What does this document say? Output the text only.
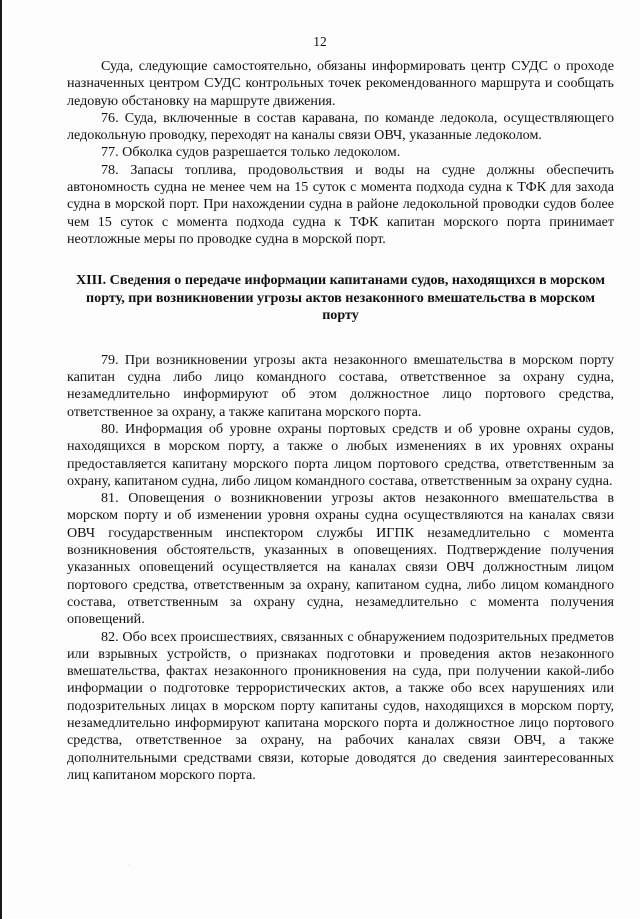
12

Суда, следующие самостоятельно, обязаны информировать центр СУДС о проходе назначенных центром СУДС контрольных точек рекомендованного маршрута и сообщать ледовую обстановку на маршруте движения.

76. Суда, включенные в состав каравана, по команде ледокола, осуществляющего ледокольную проводку, переходят на каналы связи ОВЧ, указанные ледоколом.

77. Обколка судов разрешается только ледоколом.

78. Запасы топлива, продовольствия и воды на судне должны обеспечить автономность судна не менее чем на 15 суток с момента подхода судна к ТФК для захода судна в морской порт. При нахождении судна в районе ледокольной проводки судов более чем 15 суток с момента подхода судна к ТФК капитан морского порта принимает неотложные меры по проводке судна в морской порт.

XIII. Сведения о передаче информации капитанами судов, находящихся в морском порту, при возникновении угрозы актов незаконного вмешательства в морском порту

79. При возникновении угрозы акта незаконного вмешательства в морском порту капитан судна либо лицо командного состава, ответственное за охрану судна, незамедлительно информируют об этом должностное лицо портового средства, ответственное за охрану, а также капитана морского порта.

80. Информация об уровне охраны портовых средств и об уровне охраны судов, находящихся в морском порту, а также о любых изменениях в их уровнях охраны предоставляется капитану морского порта лицом портового средства, ответственным за охрану, капитаном судна, либо лицом командного состава, ответственным за охрану судна.

81. Оповещения о возникновении угрозы актов незаконного вмешательства в морском порту и об изменении уровня охраны судна осуществляются на каналах связи ОВЧ государственным инспектором службы ИГПК незамедлительно с момента возникновения обстоятельств, указанных в оповещениях. Подтверждение получения указанных оповещений осуществляется на каналах связи ОВЧ должностным лицом портового средства, ответственным за охрану, капитаном судна, либо лицом командного состава, ответственным за охрану судна, незамедлительно с момента получения оповещений.

82. Обо всех происшествиях, связанных с обнаружением подозрительных предметов или взрывных устройств, о признаках подготовки и проведения актов незаконного вмешательства, фактах незаконного проникновения на суда, при получении какой-либо информации о подготовке террористических актов, а также обо всех нарушениях или подозрительных лицах в морском порту капитаны судов, находящихся в морском порту, незамедлительно информируют капитана морского порта и должностное лицо портового средства, ответственное за охрану, на рабочих каналах связи ОВЧ, а также дополнительными средствами связи, которые доводятся до сведения заинтересованных лиц капитаном морского порта.

·
